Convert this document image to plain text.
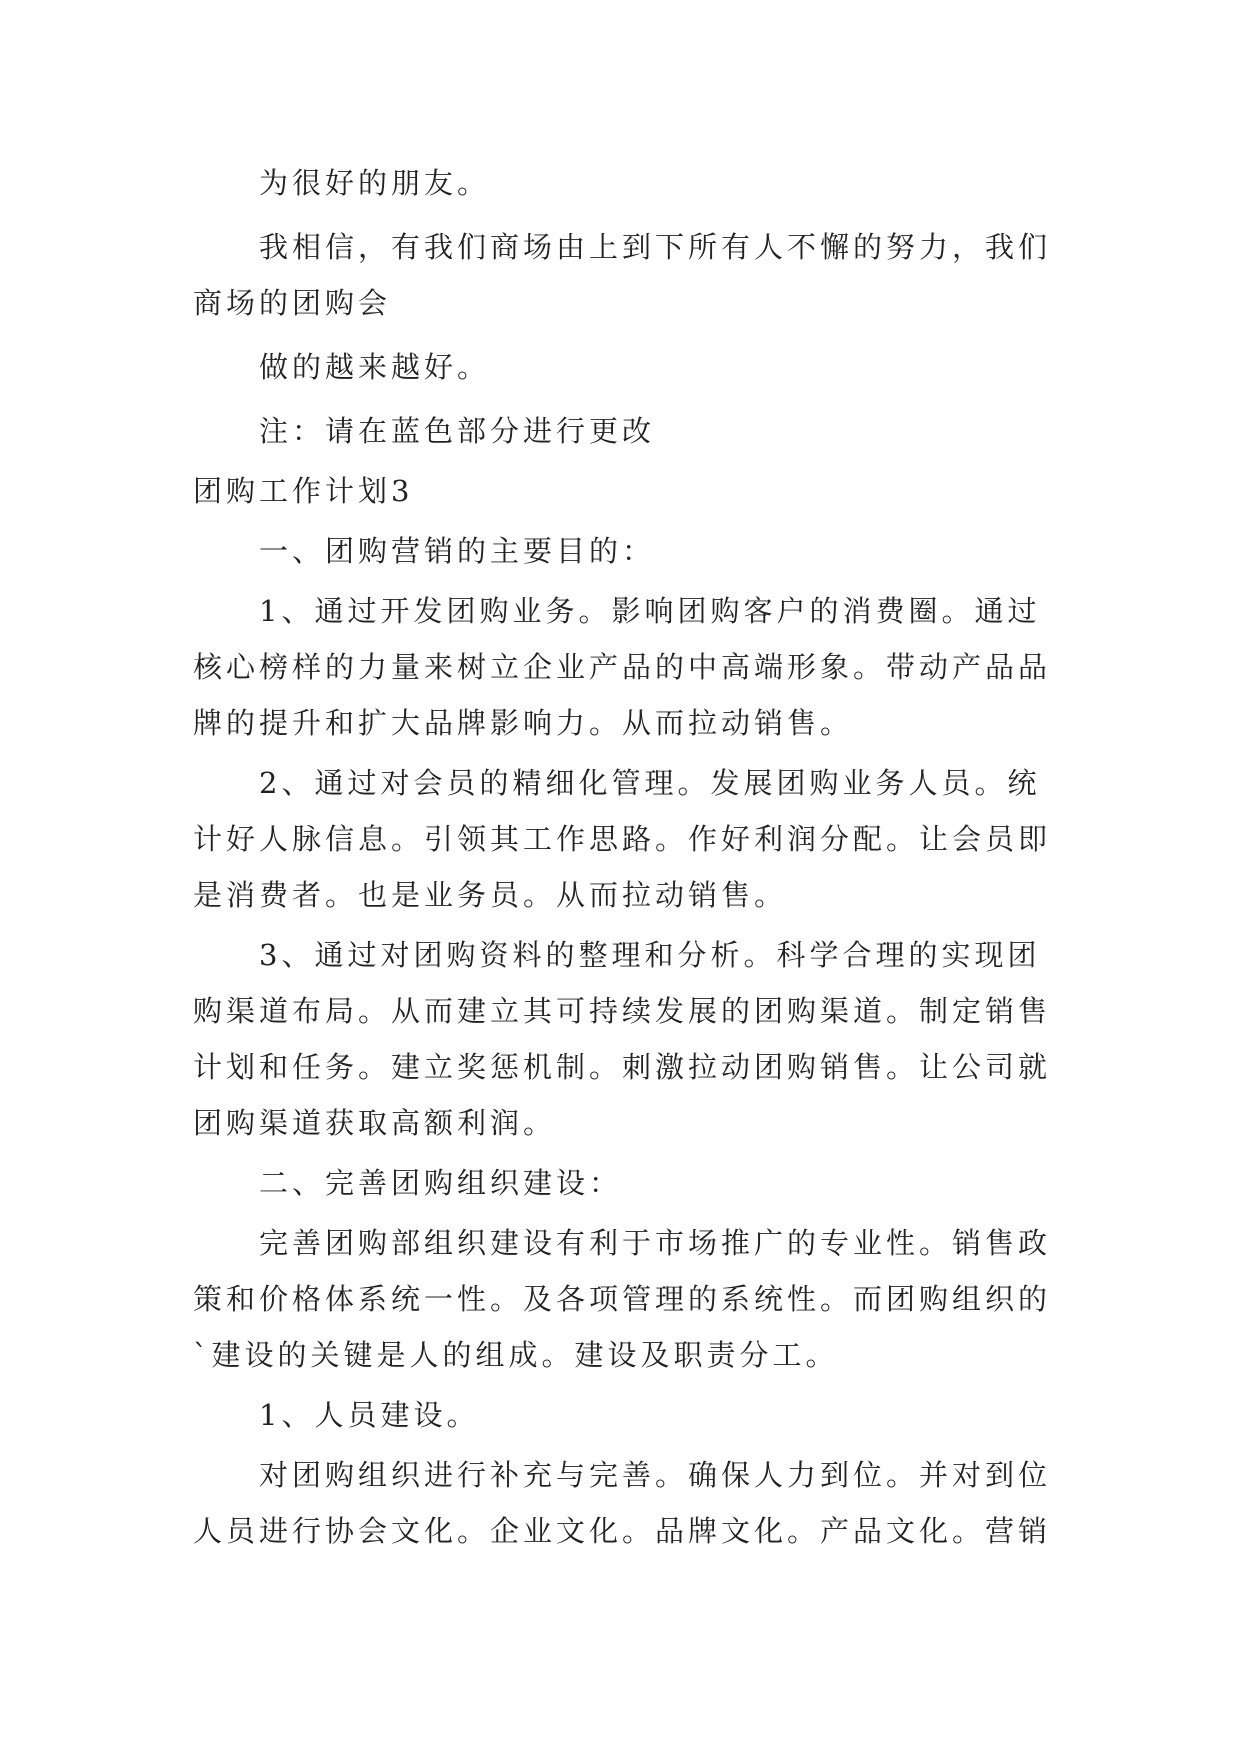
为很好的朋友。

我相信，有我们商场由上到下所有人不懈的努力，我们商场的团购会

做的越来越好。

注：请在蓝色部分进行更改

团购工作计划3

一、团购营销的主要目的：

1、通过开发团购业务。影响团购客户的消费圈。通过核心榜样的力量来树立企业产品的中高端形象。带动产品品牌的提升和扩大品牌影响力。从而拉动销售。

2、通过对会员的精细化管理。发展团购业务人员。统计好人脉信息。引领其工作思路。作好利润分配。让会员即是消费者。也是业务员。从而拉动销售。

3、通过对团购资料的整理和分析。科学合理的实现团购渠道布局。从而建立其可持续发展的团购渠道。制定销售计划和任务。建立奖惩机制。刺激拉动团购销售。让公司就团购渠道获取高额利润。

二、完善团购组织建设：

完善团购部组织建设有利于市场推广的专业性。销售政策和价格体系统一性。及各项管理的系统性。而团购组织的`建设的关键是人的组成。建设及职责分工。

1、人员建设。

对团购组织进行补充与完善。确保人力到位。并对到位人员进行协会文化。企业文化。品牌文化。产品文化。营销
